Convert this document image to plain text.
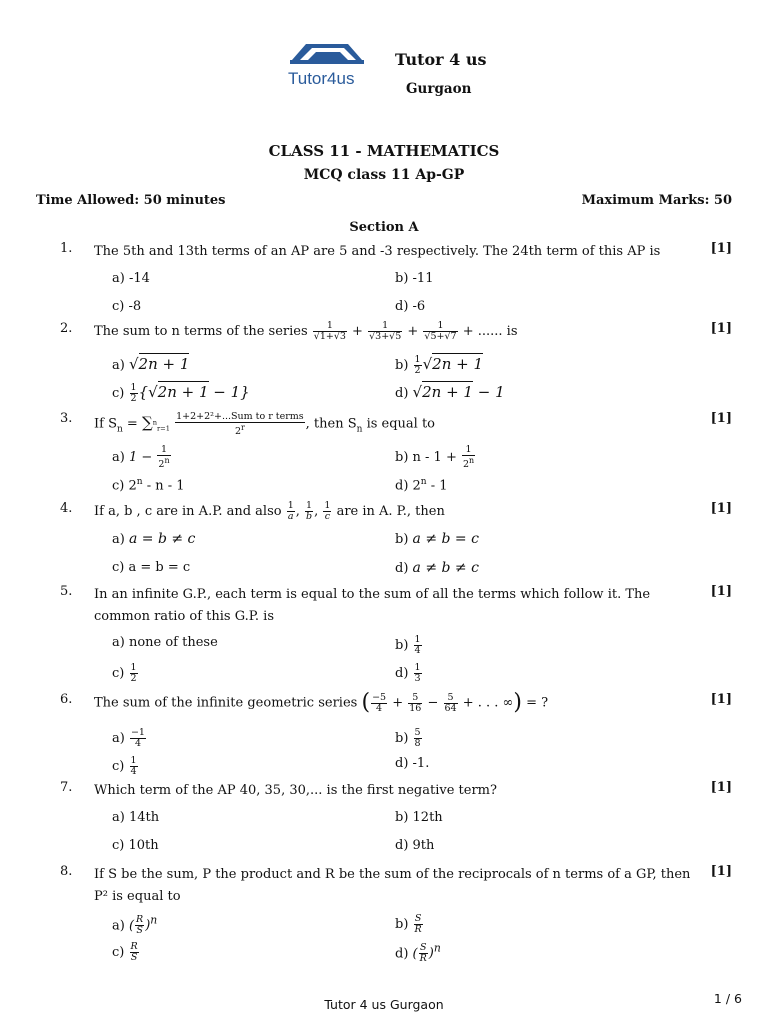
Tutor4us
Tutor 4 us
Gurgaon
CLASS 11 - MATHEMATICS
MCQ class 11 Ap-GP
Time Allowed: 50 minutes	Maximum Marks: 50
Section A
1. The 5th and 13th terms of an AP are 5 and -3 respectively. The 24th term of this AP is	[1]
a) -14	b) -11
c) -8	d) -6
2. The sum to n terms of the series $\frac{1}{√1+√3} + \frac{1}{√3+√5} + \frac{1}{√5+√7}$ + ...... is	[1]
a) √2n + 1	$b) \frac{1}{2} √2n + 1$
$c) \frac{1}{2} \{√2n + 1 - 1\}$	d) √2n + 1 − 1
3. If $S_n = \sum^n_{r=1} \frac{\text{1+2+2²+...Sum to r terms}}{2^r}$ , then $S_n$ is equal to	[1]
a) $1 - \frac{1}{2^n}$	b) $n - 1 + \frac{1}{2^n}$
c) 2$^n$ - n - 1	d) 2$^n$ - 1
4. If a, b , c are in A.P. and also $\frac{1}{a}$ , $\frac{1}{b}$ , $\frac{1}{c}$ are in A. P., then	[1]
a) a = b ≠ c	b) a ≠ b = c
c) a = b = c	d) a ≠ b ≠ c
5. In an infinite G.P., each term is equal to the sum of all the terms which follow it. The common ratio of this G.P. is
[1]
a) none of these	$b) \frac{1}{4}$
$c) \frac{1}{2}$	$d) \frac{1}{3}$
6. The sum of the infinite geometric series ( $\frac{-5}{4} + \frac{5}{16} - \frac{5}{64}$ + . . . ∞) = ?	[1]
$a) \frac{-1}{4}$	$b) \frac{5}{8}$
$c) \frac{1}{4}$	d) -1.
7. Which term of the AP 40, 35, 30,... is the first negative term?	[1]
a) 14th	b) 12th
c) 10th	d) 9th
8. If S be the sum, P the product and R be the sum of the reciprocals of n terms of a GP, then P² is equal to
[1]
a) ( $\frac{R}{S} )^n$	$b) \frac{S}{R}$
$c) \frac{R}{S}$	d) ( $\frac{S}{R} )^n$
Tutor 4 us Gurgaon	1 / 6
